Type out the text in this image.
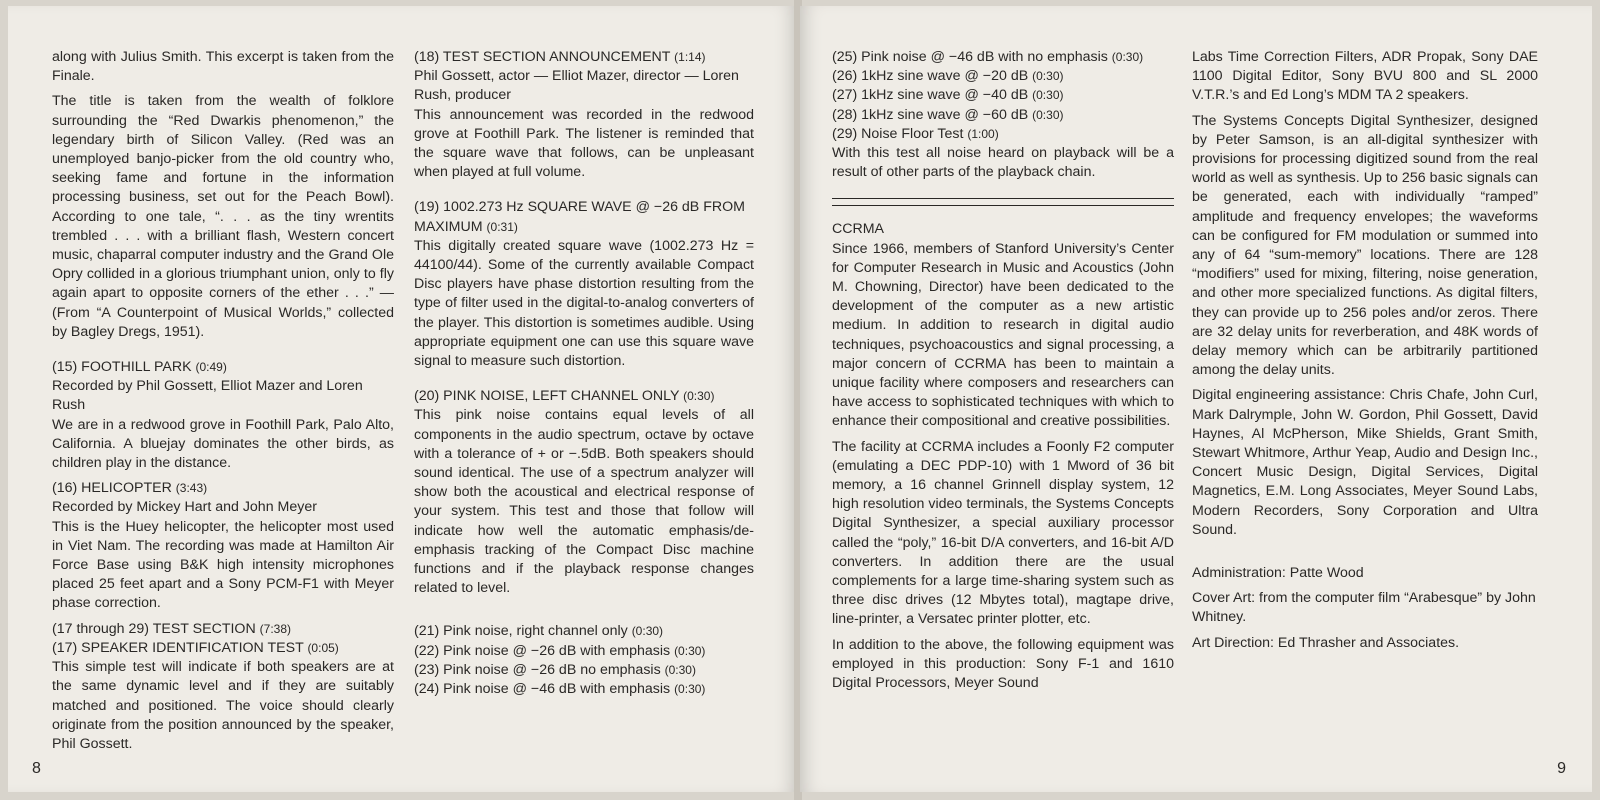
along with Julius Smith. This excerpt is taken from the Finale.

The title is taken from the wealth of folklore surrounding the “Red Dwarkis phenomenon,” the legendary birth of Silicon Valley. (Red was an unemployed banjo-picker from the old country who, seeking fame and fortune in the information processing business, set out for the Peach Bowl). According to one tale, “. . . as the tiny wrentits trembled . . . with a brilliant flash, Western concert music, chaparral computer industry and the Grand Ole Opry collided in a glorious triumphant union, only to fly again apart to opposite corners of the ether . . .” — (From “A Counterpoint of Musical Worlds,” collected by Bagley Dregs, 1951).

(15) FOOTHILL PARK (0:49)
Recorded by Phil Gossett, Elliot Mazer and Loren Rush

We are in a redwood grove in Foothill Park, Palo Alto, California. A bluejay dominates the other birds, as children play in the distance.

(16) HELICOPTER (3:43)
Recorded by Mickey Hart and John Meyer

This is the Huey helicopter, the helicopter most used in Viet Nam. The recording was made at Hamilton Air Force Base using B&K high intensity microphones placed 25 feet apart and a Sony PCM-F1 with Meyer phase correction.

(17 through 29) TEST SECTION (7:38)
(17) SPEAKER IDENTIFICATION TEST (0:05)

This simple test will indicate if both speakers are at the same dynamic level and if they are suitably matched and positioned. The voice should clearly originate from the position announced by the speaker, Phil Gossett.

(18) TEST SECTION ANNOUNCEMENT (1:14)
Phil Gossett, actor — Elliot Mazer, director — Loren Rush, producer

This announcement was recorded in the redwood grove at Foothill Park. The listener is reminded that the square wave that follows, can be unpleasant when played at full volume.

(19) 1002.273 Hz SQUARE WAVE @ −26 dB FROM MAXIMUM (0:31)

This digitally created square wave (1002.273 Hz = 44100/44). Some of the currently available Compact Disc players have phase distortion resulting from the type of filter used in the digital-to-analog converters of the player. This distortion is sometimes audible. Using appropriate equipment one can use this square wave signal to measure such distortion.

(20) PINK NOISE, LEFT CHANNEL ONLY (0:30)

This pink noise contains equal levels of all components in the audio spectrum, octave by octave with a tolerance of + or −.5dB. Both speakers should sound identical. The use of a spectrum analyzer will show both the acoustical and electrical response of your system. This test and those that follow will indicate how well the automatic emphasis/de-emphasis tracking of the Compact Disc machine functions and if the playback response changes related to level.

(21) Pink noise, right channel only (0:30)
(22) Pink noise @ −26 dB with emphasis (0:30)
(23) Pink noise @ −26 dB no emphasis (0:30)
(24) Pink noise @ −46 dB with emphasis (0:30)
8
(25) Pink noise @ −46 dB with no emphasis (0:30)
(26) 1kHz sine wave @ −20 dB (0:30)
(27) 1kHz sine wave @ −40 dB (0:30)
(28) 1kHz sine wave @ −60 dB (0:30)
(29) Noise Floor Test (1:00)

With this test all noise heard on playback will be a result of other parts of the playback chain.

CCRMA

Since 1966, members of Stanford University’s Center for Computer Research in Music and Acoustics (John M. Chowning, Director) have been dedicated to the development of the computer as a new artistic medium. In addition to research in digital audio techniques, psychoacoustics and signal processing, a major concern of CCRMA has been to maintain a unique facility where composers and researchers can have access to sophisticated techniques with which to enhance their compositional and creative possibilities.

The facility at CCRMA includes a Foonly F2 computer (emulating a DEC PDP-10) with 1 Mword of 36 bit memory, a 16 channel Grinnell display system, 12 high resolution video terminals, the Systems Concepts Digital Synthesizer, a special auxiliary processor called the “poly,” 16-bit D/A converters, and 16-bit A/D converters. In addition there are the usual complements for a large time-sharing system such as three disc drives (12 Mbytes total), magtape drive, line-printer, a Versatec printer plotter, etc.

In addition to the above, the following equipment was employed in this production: Sony F-1 and 1610 Digital Processors, Meyer Sound

Labs Time Correction Filters, ADR Propak, Sony DAE 1100 Digital Editor, Sony BVU 800 and SL 2000 V.T.R.’s and Ed Long’s MDM TA 2 speakers.

The Systems Concepts Digital Synthesizer, designed by Peter Samson, is an all-digital synthesizer with provisions for processing digitized sound from the real world as well as synthesis. Up to 256 basic signals can be generated, each with individually “ramped” amplitude and frequency envelopes; the waveforms can be configured for FM modulation or summed into any of 64 “sum-memory” locations. There are 128 “modifiers” used for mixing, filtering, noise generation, and other more specialized functions. As digital filters, they can provide up to 256 poles and/or zeros. There are 32 delay units for reverberation, and 48K words of delay memory which can be arbitrarily partitioned among the delay units.

Digital engineering assistance: Chris Chafe, John Curl, Mark Dalrymple, John W. Gordon, Phil Gossett, David Haynes, Al McPherson, Mike Shields, Grant Smith, Stewart Whitmore, Arthur Yeap, Audio and Design Inc., Concert Music Design, Digital Services, Digital Magnetics, E.M. Long Associates, Meyer Sound Labs, Modern Recorders, Sony Corporation and Ultra Sound.

Administration: Patte Wood

Cover Art: from the computer film “Arabesque” by John Whitney.

Art Direction: Ed Thrasher and Associates.

9
